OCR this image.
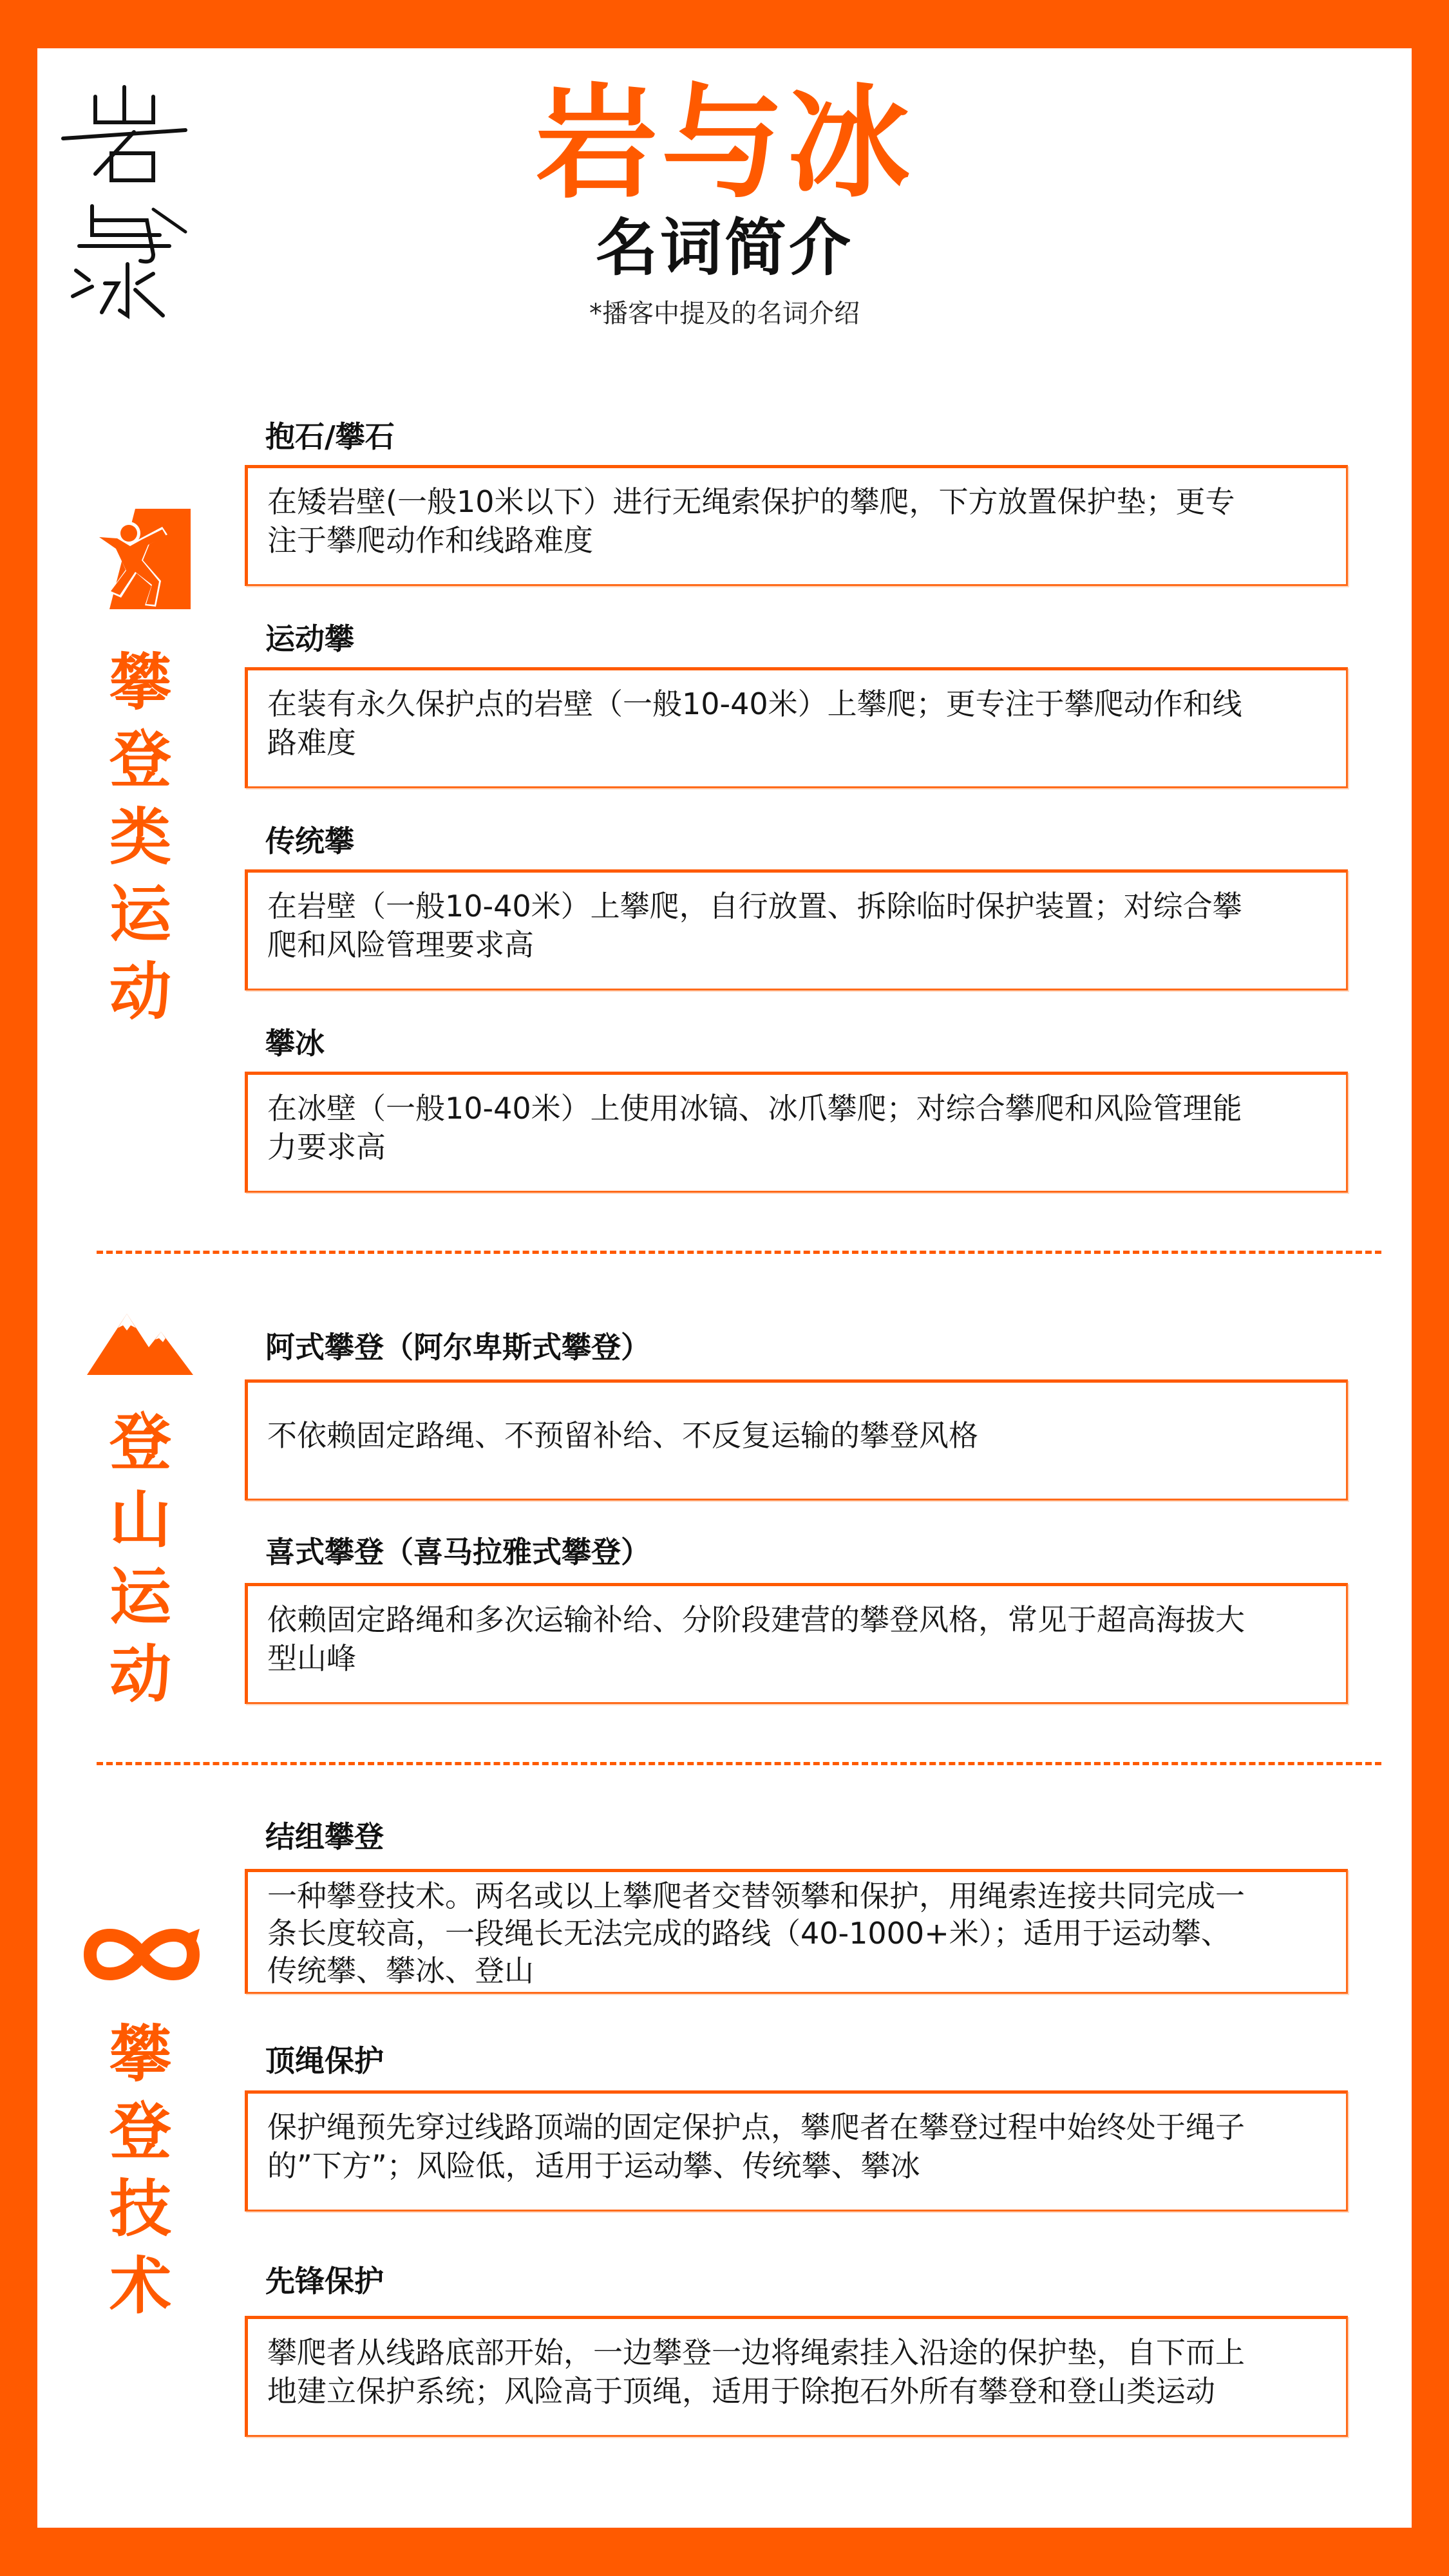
岩与冰
名词简介
*播客中提及的名词介绍
攀
登
类
运
动
抱石/攀石
在矮岩壁(一般10米以下）进行无绳索保护的攀爬，下方放置保护垫；更专
注于攀爬动作和线路难度
运动攀
在装有永久保护点的岩壁（一般10-40米）上攀爬；更专注于攀爬动作和线
路难度
传统攀
在岩壁（一般10-40米）上攀爬，自行放置、拆除临时保护装置；对综合攀
爬和风险管理要求高
攀冰
在冰壁（一般10-40米）上使用冰镐、冰爪攀爬；对综合攀爬和风险管理能
力要求高
登
山
运
动
阿式攀登（阿尔卑斯式攀登）
不依赖固定路绳、不预留补给、不反复运输的攀登风格
喜式攀登（喜马拉雅式攀登）
依赖固定路绳和多次运输补给、分阶段建营的攀登风格，常见于超高海拔大
型山峰
攀
登
技
术
结组攀登
一种攀登技术。两名或以上攀爬者交替领攀和保护，用绳索连接共同完成一
条长度较高，一段绳长无法完成的路线（40-1000+米）；适用于运动攀、
传统攀、攀冰、登山
顶绳保护
保护绳预先穿过线路顶端的固定保护点，攀爬者在攀登过程中始终处于绳子
的”下方”；风险低，适用于运动攀、传统攀、攀冰
先锋保护
攀爬者从线路底部开始，一边攀登一边将绳索挂入沿途的保护垫，自下而上
地建立保护系统；风险高于顶绳，适用于除抱石外所有攀登和登山类运动
